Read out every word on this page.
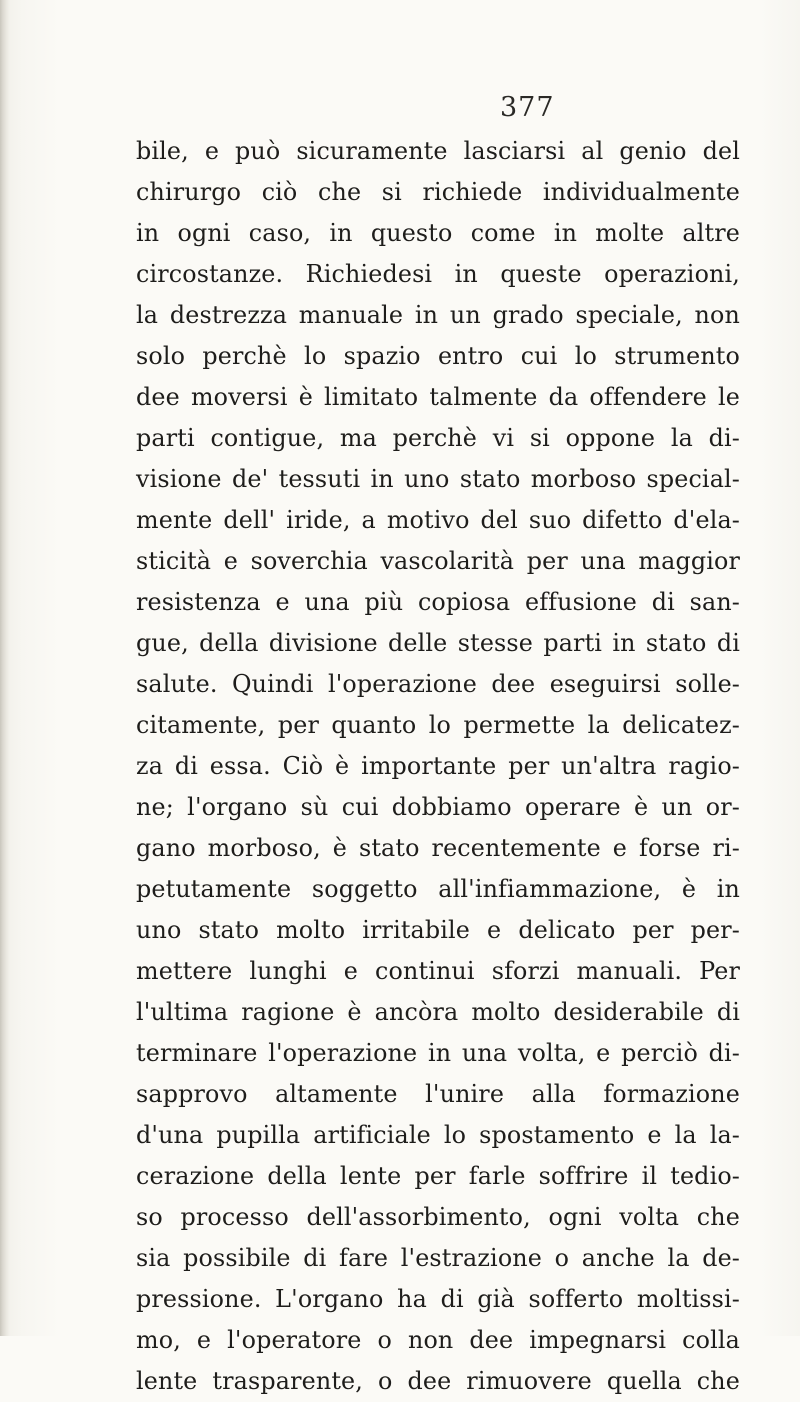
377
bile, e può sicuramente lasciarsi al genio del
chirurgo ciò che si richiede individualmente
in ogni caso, in questo come in molte altre
circostanze. Richiedesi in queste operazioni,
la destrezza manuale in un grado speciale, non
solo perchè lo spazio entro cui lo strumento
dee moversi è limitato talmente da offendere le
parti contigue, ma perchè vi si oppone la di-
visione de' tessuti in uno stato morboso special-
mente dell' iride, a motivo del suo difetto d'ela-
sticità e soverchia vascolarità per una maggior
resistenza e una più copiosa effusione di san-
gue, della divisione delle stesse parti in stato di
salute. Quindi l'operazione dee eseguirsi solle-
citamente, per quanto lo permette la delicatez-
za di essa. Ciò è importante per un'altra ragio-
ne; l'organo sù cui dobbiamo operare è un or-
gano morboso, è stato recentemente e forse ri-
petutamente soggetto all'infiammazione, è in
uno stato molto irritabile e delicato per per-
mettere lunghi e continui sforzi manuali. Per
l'ultima ragione è ancòra molto desiderabile di
terminare l'operazione in una volta, e perciò di-
sapprovo altamente l'unire alla formazione
d'una pupilla artificiale lo spostamento e la la-
cerazione della lente per farle soffrire il tedio-
so processo dell'assorbimento, ogni volta che
sia possibile di fare l'estrazione o anche la de-
pressione. L'organo ha di già sofferto moltissi-
mo, e l'operatore o non dee impegnarsi colla
lente trasparente, o dee rimuovere quella che
